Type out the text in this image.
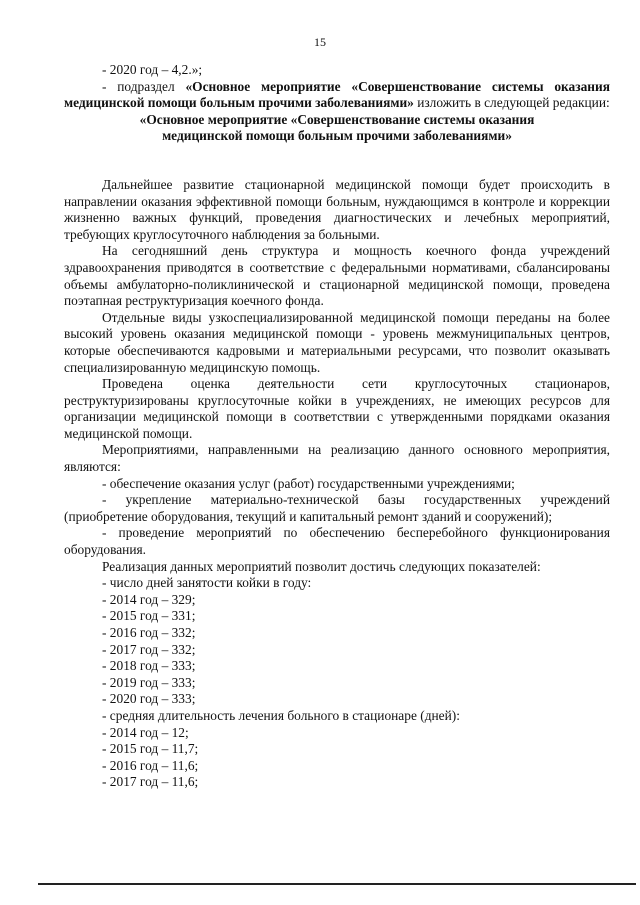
15

- 2020 год – 4,2.»;

- подраздел «Основное мероприятие «Совершенствование системы оказания медицинской помощи больным прочими заболеваниями» изложить в следующей редакции:

«Основное мероприятие «Совершенствование системы оказания

медицинской помощи больным прочими заболеваниями»

Дальнейшее развитие стационарной медицинской помощи будет происходить в направлении оказания эффективной помощи больным, нуждающимся в контроле и коррекции жизненно важных функций, проведения диагностических и лечебных мероприятий, требующих круглосуточного наблюдения за больными.

На сегодняшний день структура и мощность коечного фонда учреждений здравоохранения приводятся в соответствие с федеральными нормативами, сбалансированы объемы амбулаторно-поликлинической и стационарной медицинской помощи, проведена поэтапная реструктуризация коечного фонда.

Отдельные виды узкоспециализированной медицинской помощи переданы на более высокий уровень оказания медицинской помощи - уровень межмуниципальных центров, которые обеспечиваются кадровыми и материальными ресурсами, что позволит оказывать специализированную медицинскую помощь.

Проведена оценка деятельности сети круглосуточных стационаров, реструктуризированы круглосуточные койки в учреждениях, не имеющих ресурсов для организации медицинской помощи в соответствии с утвержденными порядками оказания медицинской помощи.

Мероприятиями, направленными на реализацию данного основного мероприятия, являются:

- обеспечение оказания услуг (работ) государственными учреждениями;

- укрепление материально-технической базы государственных учреждений (приобретение оборудования, текущий и капитальный ремонт зданий и сооружений);

- проведение мероприятий по обеспечению бесперебойного функционирования оборудования.

Реализация данных мероприятий позволит достичь следующих показателей:

- число дней занятости койки в году:

- 2014 год – 329;

- 2015 год – 331;

- 2016 год – 332;

- 2017 год – 332;

- 2018 год – 333;

- 2019 год – 333;

- 2020 год – 333;

- средняя длительность лечения больного в стационаре (дней):

- 2014 год – 12;

- 2015 год – 11,7;

- 2016 год – 11,6;

- 2017 год – 11,6;
